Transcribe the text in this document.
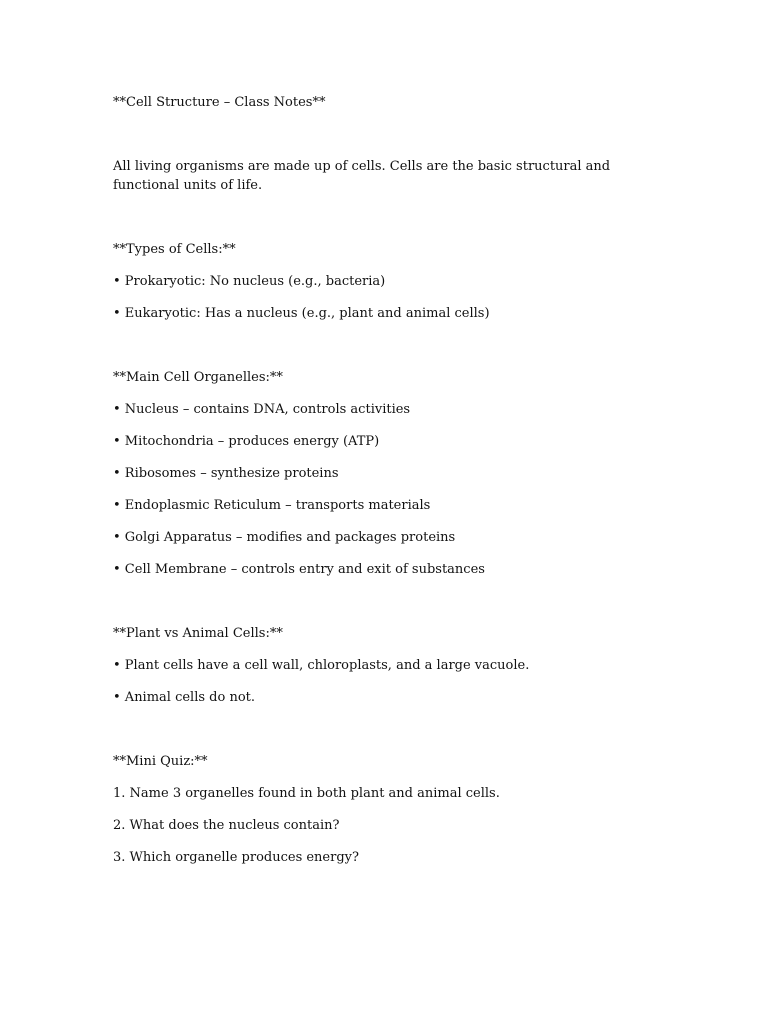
**Cell Structure – Class Notes**
All living organisms are made up of cells. Cells are the basic structural and functional units of life.
**Types of Cells:**
• Prokaryotic: No nucleus (e.g., bacteria)
• Eukaryotic: Has a nucleus (e.g., plant and animal cells)
**Main Cell Organelles:**
• Nucleus – contains DNA, controls activities
• Mitochondria – produces energy (ATP)
• Ribosomes – synthesize proteins
• Endoplasmic Reticulum – transports materials
• Golgi Apparatus – modifies and packages proteins
• Cell Membrane – controls entry and exit of substances
**Plant vs Animal Cells:**
• Plant cells have a cell wall, chloroplasts, and a large vacuole.
• Animal cells do not.
**Mini Quiz:**
1. Name 3 organelles found in both plant and animal cells.
2. What does the nucleus contain?
3. Which organelle produces energy?
